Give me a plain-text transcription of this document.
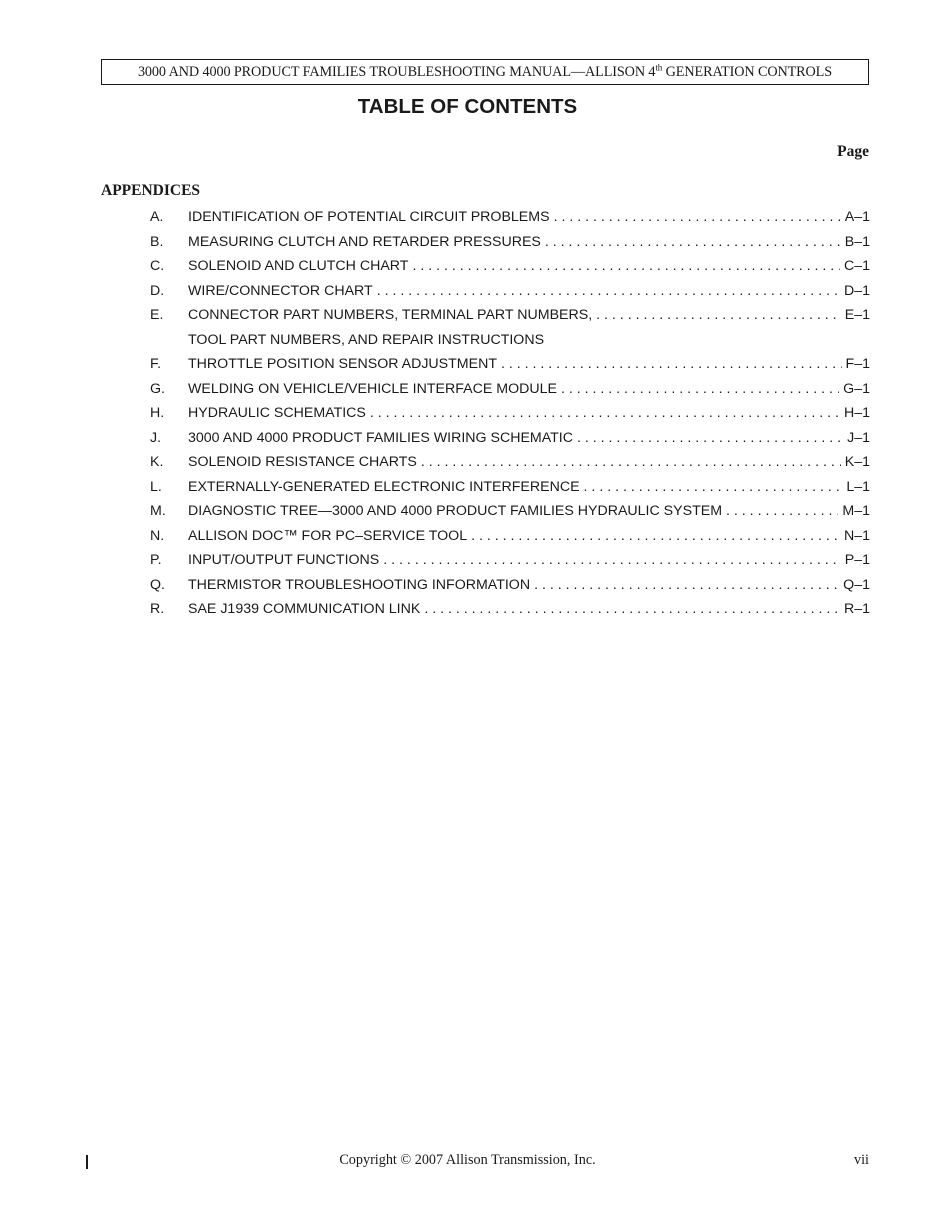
3000 AND 4000 PRODUCT FAMILIES TROUBLESHOOTING MANUAL—ALLISON 4th GENERATION CONTROLS
TABLE OF CONTENTS
Page
APPENDICES
A.	IDENTIFICATION OF POTENTIAL CIRCUIT PROBLEMS . . .	A–1
B.	MEASURING CLUTCH AND RETARDER PRESSURES . . .	B–1
C.	SOLENOID AND CLUTCH CHART . . .	C–1
D.	WIRE/CONNECTOR CHART . . .	D–1
E.	CONNECTOR PART NUMBERS, TERMINAL PART NUMBERS, . . .	E–1
TOOL PART NUMBERS, AND REPAIR INSTRUCTIONS
F.	THROTTLE POSITION SENSOR ADJUSTMENT . . .	F–1
G.	WELDING ON VEHICLE/VEHICLE INTERFACE MODULE . . .	G–1
H.	HYDRAULIC SCHEMATICS . . .	H–1
J.	3000 AND 4000 PRODUCT FAMILIES WIRING SCHEMATIC . . .	J–1
K.	SOLENOID RESISTANCE CHARTS . . .	K–1
L.	EXTERNALLY-GENERATED ELECTRONIC INTERFERENCE . . .	L–1
M.	DIAGNOSTIC TREE—3000 AND 4000 PRODUCT FAMILIES HYDRAULIC SYSTEM . . .	M–1
N.	ALLISON DOC™ FOR PC–SERVICE TOOL . . .	N–1
P.	INPUT/OUTPUT FUNCTIONS . . .	P–1
Q.	THERMISTOR TROUBLESHOOTING INFORMATION . . .	Q–1
R.	SAE J1939 COMMUNICATION LINK . . .	R–1
Copyright © 2007 Allison Transmission, Inc.	vii
